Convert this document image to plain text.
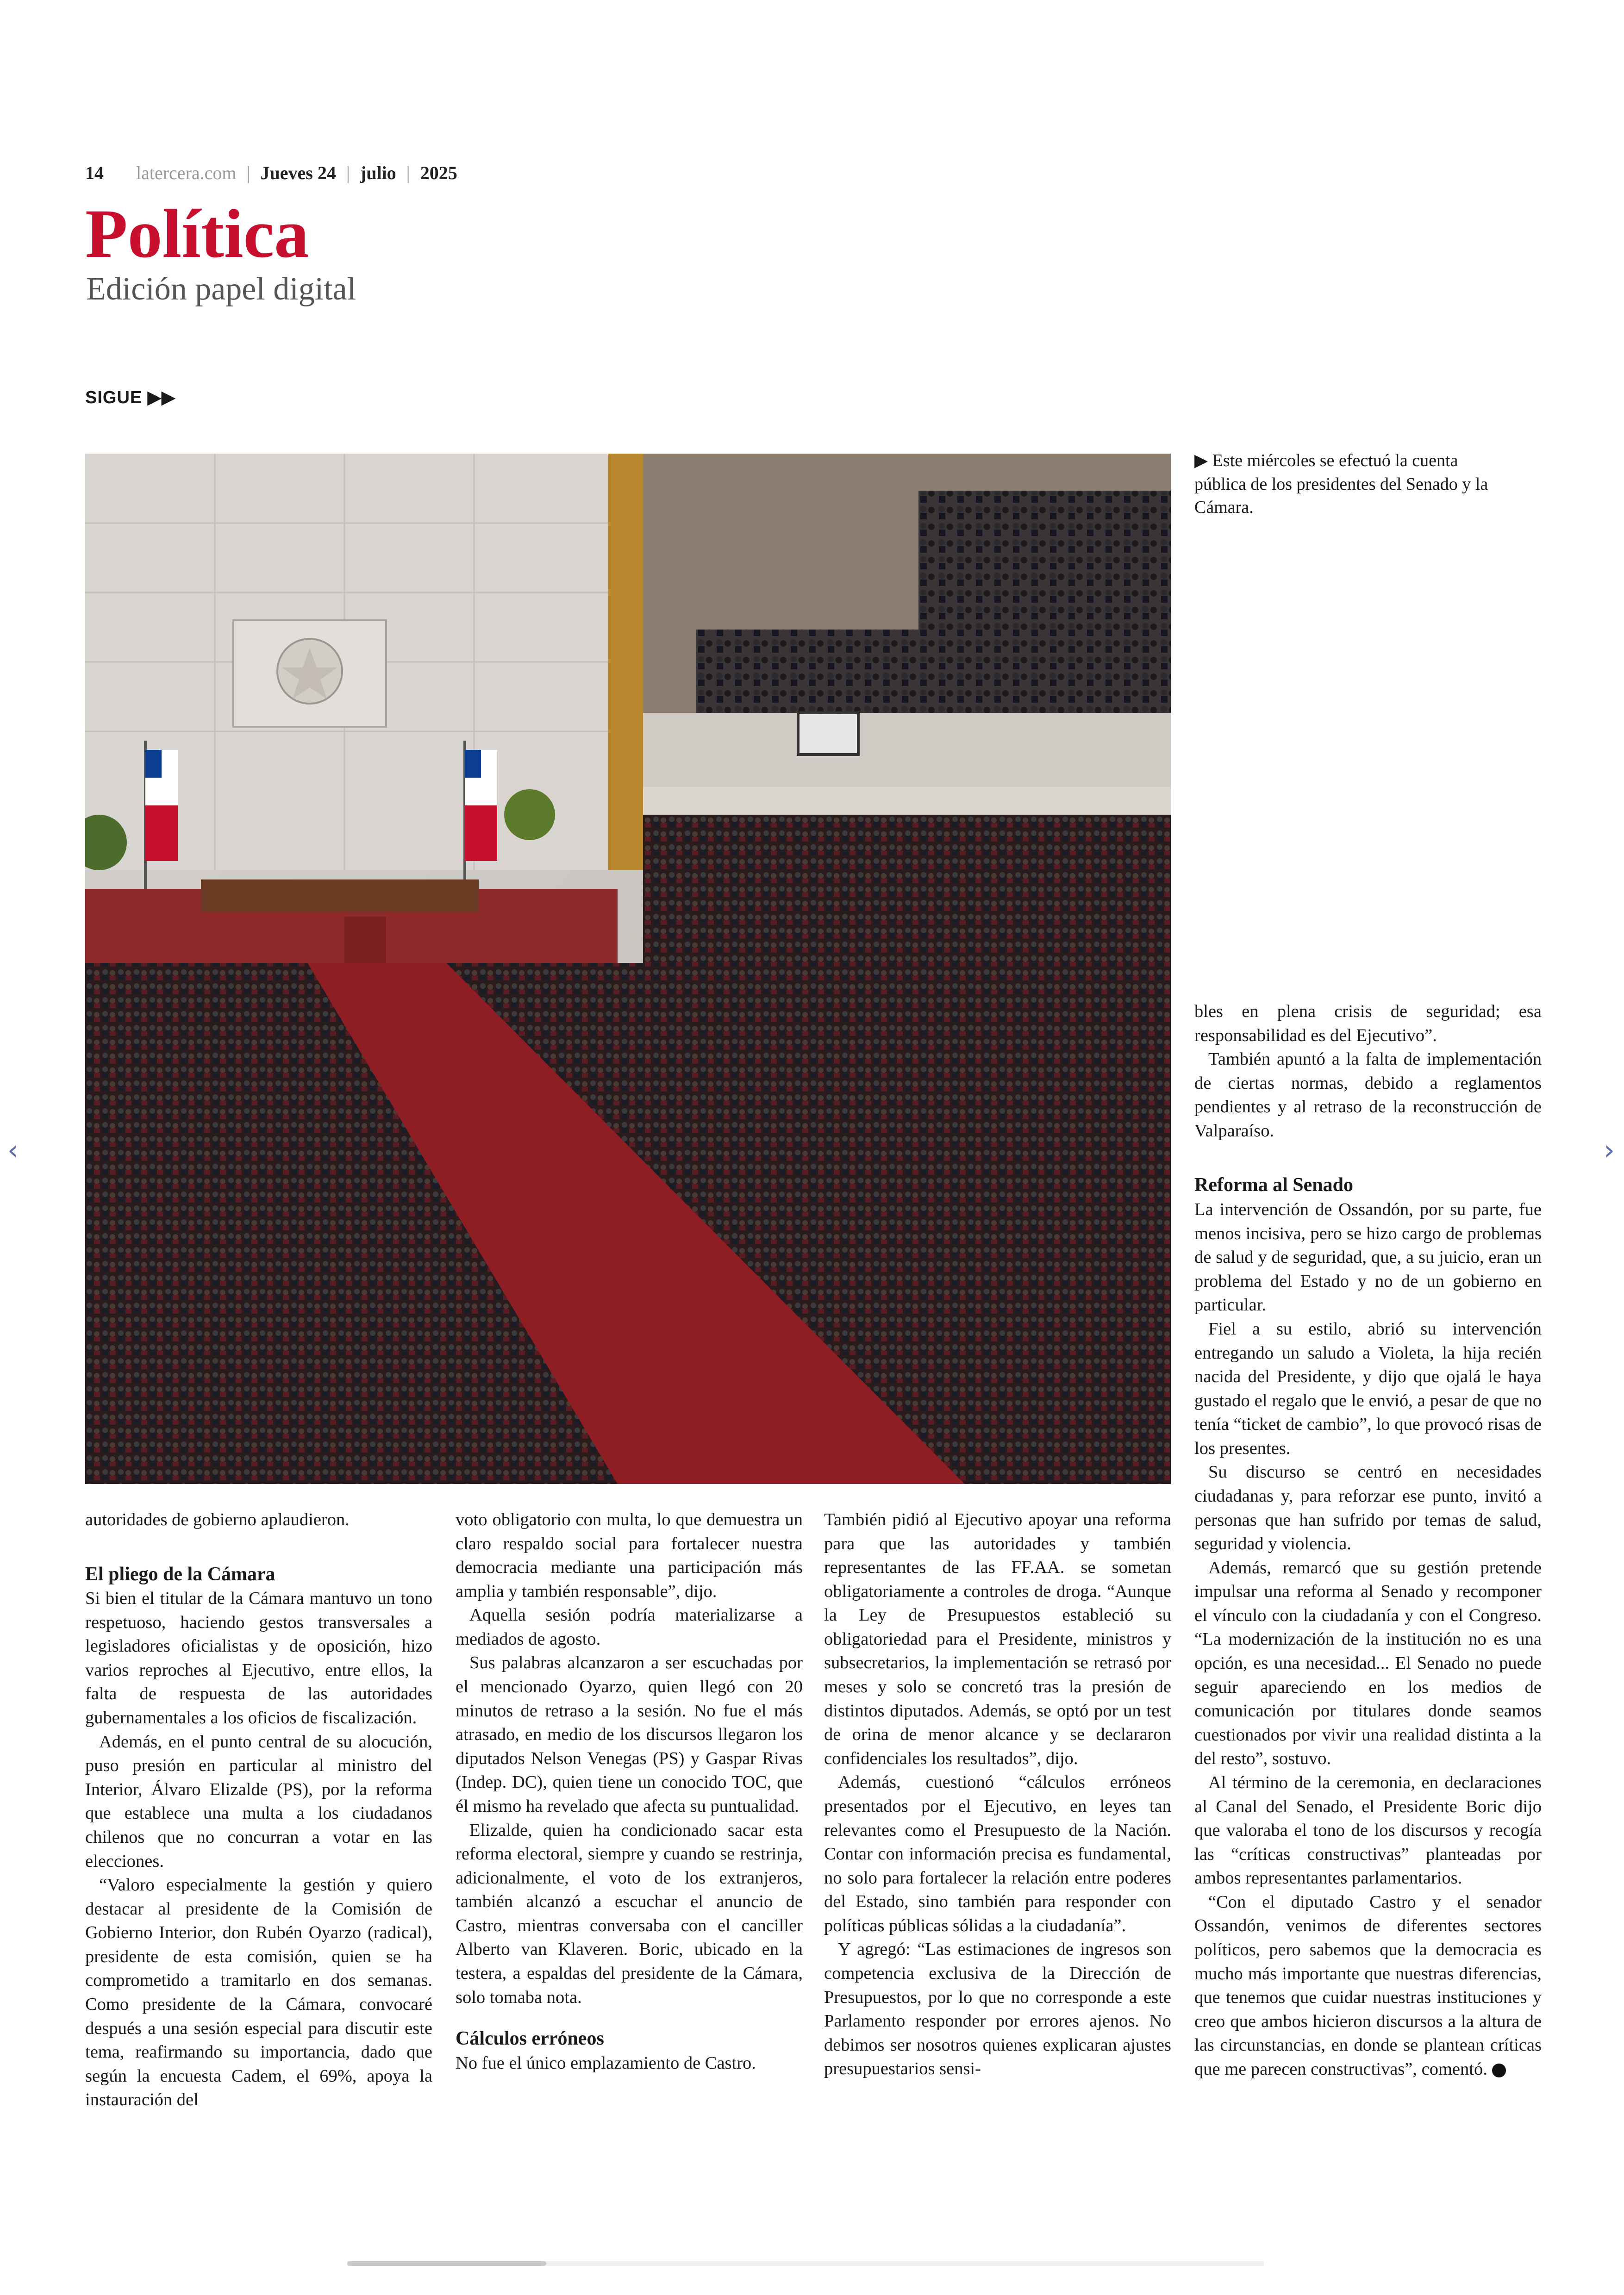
14 latercera.com | Jueves 24 | julio | 2025
Política
Edición papel digital
SIGUE ▶▶
▶ Este miércoles se efectuó la cuenta pública de los presidentes del Senado y la Cámara.

autoridades de gobierno aplaudieron.

El pliego de la Cámara

Si bien el titular de la Cámara mantuvo un tono respetuoso, haciendo gestos transversales a legisladores oficialistas y de oposición, hizo varios reproches al Ejecutivo, entre ellos, la falta de respuesta de las autoridades gubernamentales a los oficios de fiscalización.

Además, en el punto central de su alocución, puso presión en particular al ministro del Interior, Álvaro Elizalde (PS), por la reforma que establece una multa a los ciudadanos chilenos que no concurran a votar en las elecciones.

“Valoro especialmente la gestión y quiero destacar al presidente de la Comisión de Gobierno Interior, don Rubén Oyarzo (radical), presidente de esta comisión, quien se ha comprometido a tramitarlo en dos semanas. Como presidente de la Cámara, convocaré después a una sesión especial para discutir este tema, reafirmando su importancia, dado que según la encuesta Cadem, el 69%, apoya la instauración del

voto obligatorio con multa, lo que demuestra un claro respaldo social para fortalecer nuestra democracia mediante una participación más amplia y también responsable”, dijo.

Aquella sesión podría materializarse a mediados de agosto.

Sus palabras alcanzaron a ser escuchadas por el mencionado Oyarzo, quien llegó con 20 minutos de retraso a la sesión. No fue el más atrasado, en medio de los discursos llegaron los diputados Nelson Venegas (PS) y Gaspar Rivas (Indep. DC), quien tiene un conocido TOC, que él mismo ha revelado que afecta su puntualidad.

Elizalde, quien ha condicionado sacar esta reforma electoral, siempre y cuando se restrinja, adicionalmente, el voto de los extranjeros, también alcanzó a escuchar el anuncio de Castro, mientras conversaba con el canciller Alberto van Klaveren. Boric, ubicado en la testera, a espaldas del presidente de la Cámara, solo tomaba nota.

Cálculos erróneos

No fue el único emplazamiento de Castro.

También pidió al Ejecutivo apoyar una reforma para que las autoridades y también representantes de las FF.AA. se sometan obligatoriamente a controles de droga. “Aunque la Ley de Presupuestos estableció su obligatoriedad para el Presidente, ministros y subsecretarios, la implementación se retrasó por meses y solo se concretó tras la presión de distintos diputados. Además, se optó por un test de orina de menor alcance y se declararon confidenciales los resultados”, dijo.

Además, cuestionó “cálculos erróneos presentados por el Ejecutivo, en leyes tan relevantes como el Presupuesto de la Nación. Contar con información precisa es fundamental, no solo para fortalecer la relación entre poderes del Estado, sino también para responder con políticas públicas sólidas a la ciudadanía”.

Y agregó: “Las estimaciones de ingresos son competencia exclusiva de la Dirección de Presupuestos, por lo que no corresponde a este Parlamento responder por errores ajenos. No debimos ser nosotros quienes explicaran ajustes presupuestarios sensi-

bles en plena crisis de seguridad; esa responsabilidad es del Ejecutivo”.

También apuntó a la falta de implementación de ciertas normas, debido a reglamentos pendientes y al retraso de la reconstrucción de Valparaíso.

Reforma al Senado

La intervención de Ossandón, por su parte, fue menos incisiva, pero se hizo cargo de problemas de salud y de seguridad, que, a su juicio, eran un problema del Estado y no de un gobierno en particular.

Fiel a su estilo, abrió su intervención entregando un saludo a Violeta, la hija recién nacida del Presidente, y dijo que ojalá le haya gustado el regalo que le envió, a pesar de que no tenía “ticket de cambio”, lo que provocó risas de los presentes.

Su discurso se centró en necesidades ciudadanas y, para reforzar ese punto, invitó a personas que han sufrido por temas de salud, seguridad y violencia.

Además, remarcó que su gestión pretende impulsar una reforma al Senado y recomponer el vínculo con la ciudadanía y con el Congreso. “La modernización de la institución no es una opción, es una necesidad... El Senado no puede seguir apareciendo en los medios de comunicación por titulares donde seamos cuestionados por vivir una realidad distinta a la del resto”, sostuvo.

Al término de la ceremonia, en declaraciones al Canal del Senado, el Presidente Boric dijo que valoraba el tono de los discursos y recogía las “críticas constructivas” planteadas por ambos representantes parlamentarios.

“Con el diputado Castro y el senador Ossandón, venimos de diferentes sectores políticos, pero sabemos que la democracia es mucho más importante que nuestras diferencias, que tenemos que cuidar nuestras instituciones y creo que ambos hicieron discursos a la altura de las circunstancias, en donde se plantean críticas que me parecen constructivas”, comentó.

‹	›
